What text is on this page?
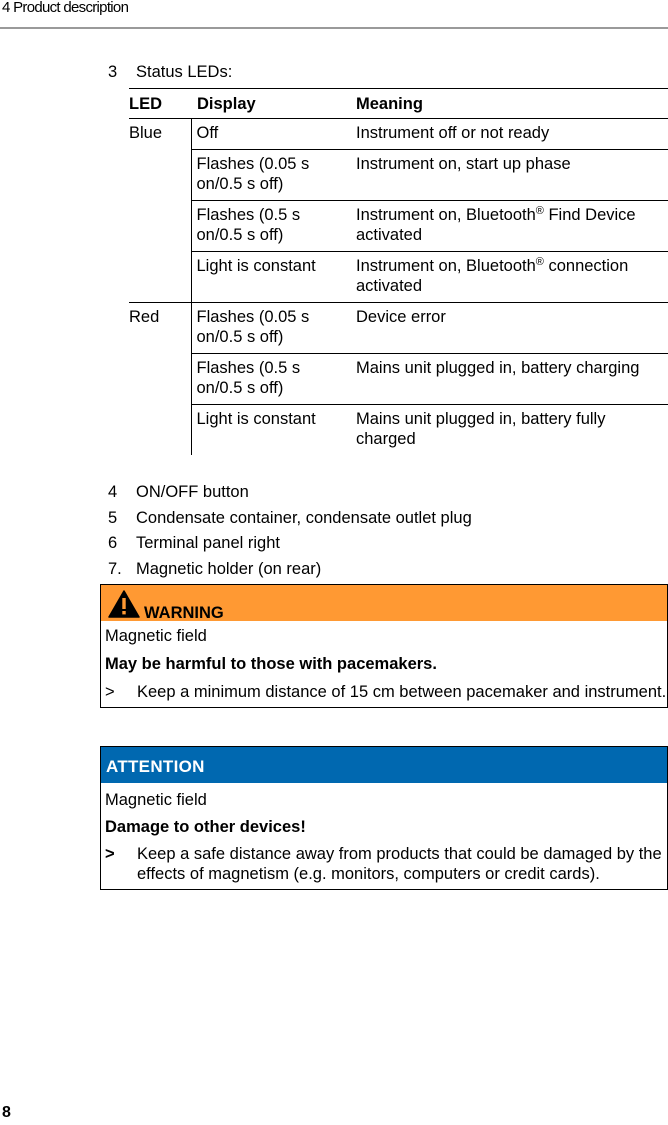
4 Product description
3	Status LEDs:
LED	Display	Meaning
Blue	Off	Instrument off or not ready
	Flashes (0.05 s on/0.5 s off)	Instrument on, start up phase
	Flashes (0.5 s on/0.5 s off)	Instrument on, Bluetooth® Find Device activated
	Light is constant	Instrument on, Bluetooth® connection activated
Red	Flashes (0.05 s on/0.5 s off)	Device error
	Flashes (0.5 s on/0.5 s off)	Mains unit plugged in, battery charging
	Light is constant	Mains unit plugged in, battery fully charged
4	ON/OFF button
5	Condensate container, condensate outlet plug
6	Terminal panel right
7. Magnetic holder (on rear)
WARNING
Magnetic field
May be harmful to those with pacemakers.
>	Keep a minimum distance of 15 cm between pacemaker and instrument.
ATTENTION
Magnetic field
Damage to other devices!
>	Keep a safe distance away from products that could be damaged by the effects of magnetism (e.g. monitors, computers or credit cards).
8
